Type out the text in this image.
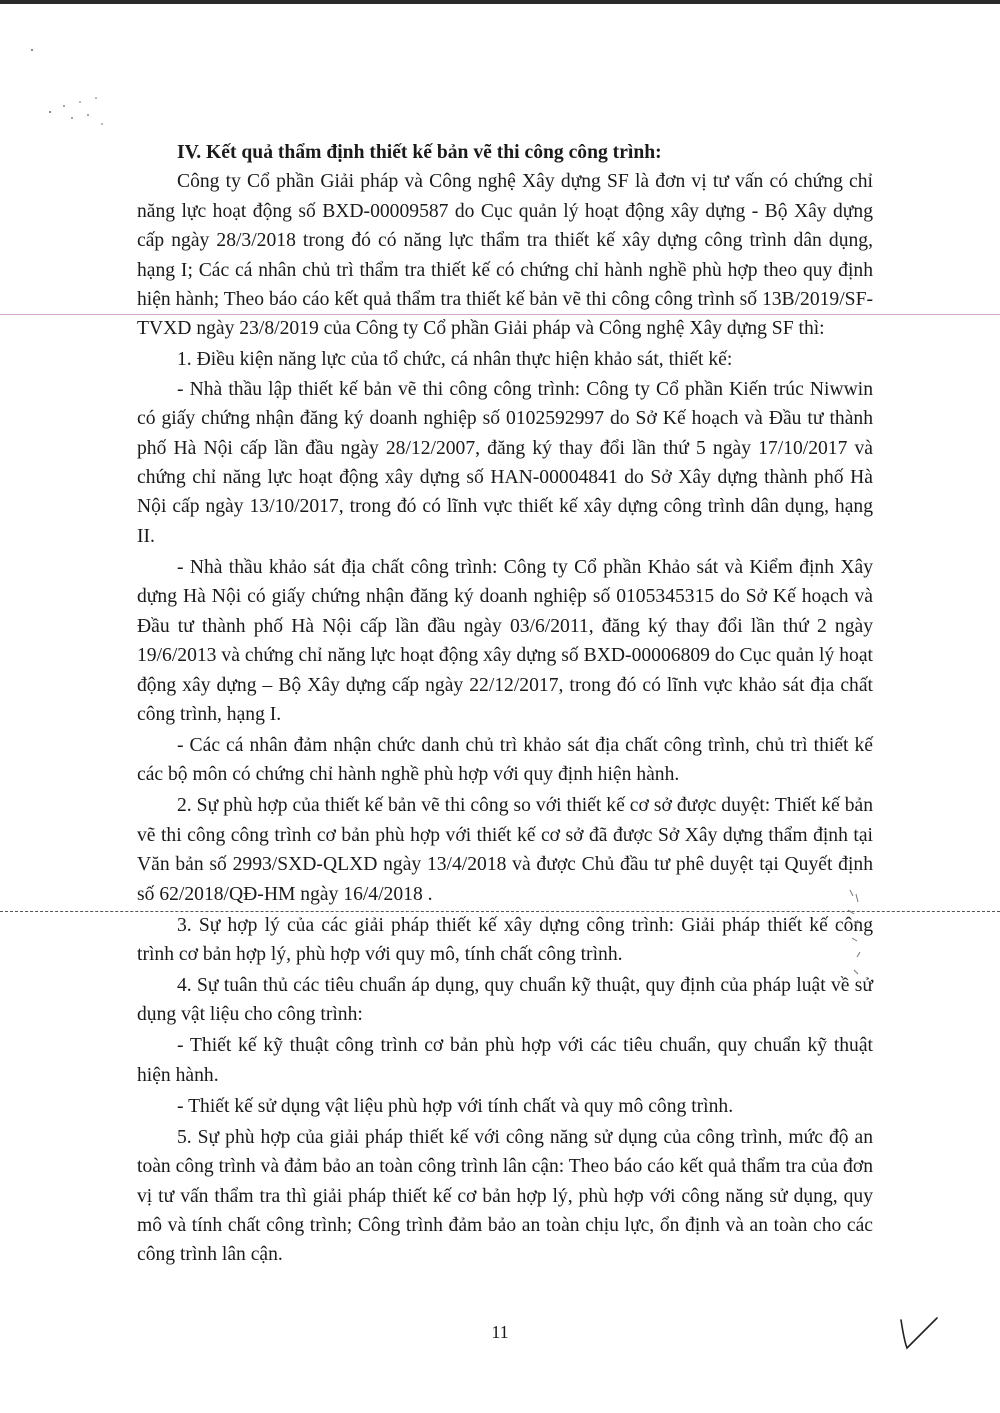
IV. Kết quả thẩm định thiết kế bản vẽ thi công công trình:

Công ty Cổ phần Giải pháp và Công nghệ Xây dựng SF là đơn vị tư vấn có chứng chỉ năng lực hoạt động số BXD-00009587 do Cục quản lý hoạt động xây dựng - Bộ Xây dựng cấp ngày 28/3/2018 trong đó có năng lực thẩm tra thiết kế xây dựng công trình dân dụng, hạng I; Các cá nhân chủ trì thẩm tra thiết kế có chứng chỉ hành nghề phù hợp theo quy định hiện hành; Theo báo cáo kết quả thẩm tra thiết kế bản vẽ thi công công trình số 13B/2019/SF-TVXD ngày 23/8/2019 của Công ty Cổ phần Giải pháp và Công nghệ Xây dựng SF thì:

1. Điều kiện năng lực của tổ chức, cá nhân thực hiện khảo sát, thiết kế:

- Nhà thầu lập thiết kế bản vẽ thi công công trình: Công ty Cổ phần Kiến trúc Niwwin có giấy chứng nhận đăng ký doanh nghiệp số 0102592997 do Sở Kế hoạch và Đầu tư thành phố Hà Nội cấp lần đầu ngày 28/12/2007, đăng ký thay đổi lần thứ 5 ngày 17/10/2017 và chứng chỉ năng lực hoạt động xây dựng số HAN-00004841 do Sở Xây dựng thành phố Hà Nội cấp ngày 13/10/2017, trong đó có lĩnh vực thiết kế xây dựng công trình dân dụng, hạng II.

- Nhà thầu khảo sát địa chất công trình: Công ty Cổ phần Khảo sát và Kiểm định Xây dựng Hà Nội có giấy chứng nhận đăng ký doanh nghiệp số 0105345315 do Sở Kế hoạch và Đầu tư thành phố Hà Nội cấp lần đầu ngày 03/6/2011, đăng ký thay đổi lần thứ 2 ngày 19/6/2013 và chứng chỉ năng lực hoạt động xây dựng số BXD-00006809 do Cục quản lý hoạt động xây dựng – Bộ Xây dựng cấp ngày 22/12/2017, trong đó có lĩnh vực khảo sát địa chất công trình, hạng I.

- Các cá nhân đảm nhận chức danh chủ trì khảo sát địa chất công trình, chủ trì thiết kế các bộ môn có chứng chỉ hành nghề phù hợp với quy định hiện hành.

2. Sự phù hợp của thiết kế bản vẽ thi công so với thiết kế cơ sở được duyệt: Thiết kế bản vẽ thi công công trình cơ bản phù hợp với thiết kế cơ sở đã được Sở Xây dựng thẩm định tại Văn bản số 2993/SXD-QLXD ngày 13/4/2018 và được Chủ đầu tư phê duyệt tại Quyết định số 62/2018/QĐ-HM ngày 16/4/2018 .

3. Sự hợp lý của các giải pháp thiết kế xây dựng công trình: Giải pháp thiết kế công trình cơ bản hợp lý, phù hợp với quy mô, tính chất công trình.

4. Sự tuân thủ các tiêu chuẩn áp dụng, quy chuẩn kỹ thuật, quy định của pháp luật về sử dụng vật liệu cho công trình:

- Thiết kế kỹ thuật công trình cơ bản phù hợp với các tiêu chuẩn, quy chuẩn kỹ thuật hiện hành.

- Thiết kế sử dụng vật liệu phù hợp với tính chất và quy mô công trình.

5. Sự phù hợp của giải pháp thiết kế với công năng sử dụng của công trình, mức độ an toàn công trình và đảm bảo an toàn công trình lân cận: Theo báo cáo kết quả thẩm tra của đơn vị tư vấn thẩm tra thì giải pháp thiết kế cơ bản hợp lý, phù hợp với công năng sử dụng, quy mô và tính chất công trình; Công trình đảm bảo an toàn chịu lực, ổn định và an toàn cho các công trình lân cận.

11
